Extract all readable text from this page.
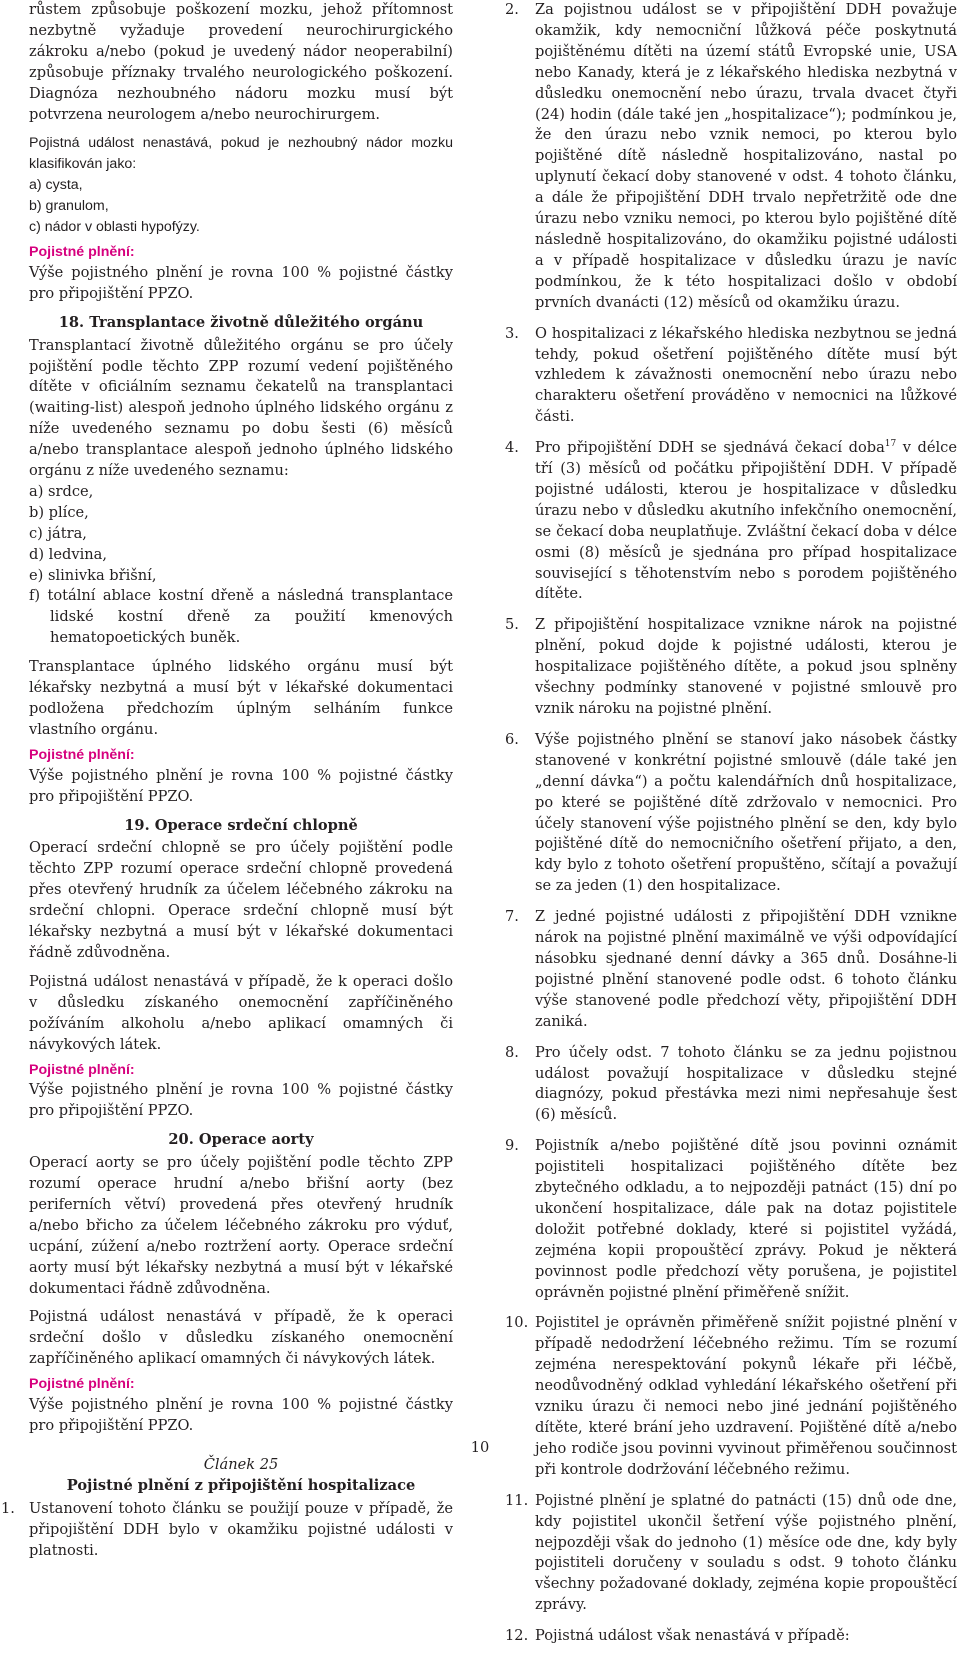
růstem způsobuje poškození mozku, jehož přítomnost nezbytně vyžaduje provedení neurochirurgického zákroku a/nebo (pokud je uvedený nádor neoperabilní) způsobuje příznaky trvalého neurologického poškození. Diagnóza nezhoubného nádoru mozku musí být potvrzena neurologem a/nebo neurochirurgem.

Pojistná událost nenastává, pokud je nezhoubný nádor mozku klasifikován jako:

a) cysta,
b) granulom,
c) nádor v oblasti hypofýzy.
Pojistné plnění:

Výše pojistného plnění je rovna 100 % pojistné částky pro připojištění PPZO.

18. Transplantace životně důležitého orgánu

Transplantací životně důležitého orgánu se pro účely pojištění podle těchto ZPP rozumí vedení pojištěného dítěte v oficiálním seznamu čekatelů na transplantaci (waiting-list) alespoň jednoho úplného lidského orgánu z níže uvedeného seznamu po dobu šesti (6) měsíců a/nebo transplantace alespoň jednoho úplného lidského orgánu z níže uvedeného seznamu:

a) srdce,
b) plíce,
c) játra,
d) ledvina,
e) slinivka břišní,
f) totální ablace kostní dřeně a následná transplantace lidské kostní dřeně za použití kmenových hematopoetických buněk.

Transplantace úplného lidského orgánu musí být lékařsky nezbytná a musí být v lékařské dokumentaci podložena předchozím úplným selháním funkce vlastního orgánu.

Pojistné plnění:

Výše pojistného plnění je rovna 100 % pojistné částky pro připojištění PPZO.

19. Operace srdeční chlopně

Operací srdeční chlopně se pro účely pojištění podle těchto ZPP rozumí operace srdeční chlopně provedená přes otevřený hrudník za účelem léčebného zákroku na srdeční chlopni. Operace srdeční chlopně musí být lékařsky nezbytná a musí být v lékařské dokumentaci řádně zdůvodněna.

Pojistná událost nenastává v případě, že k operaci došlo v důsledku získaného onemocnění zapříčiněného požíváním alkoholu a/nebo aplikací omamných či návykových látek.

Pojistné plnění:

Výše pojistného plnění je rovna 100 % pojistné částky pro připojištění PPZO.

20. Operace aorty

Operací aorty se pro účely pojištění podle těchto ZPP rozumí operace hrudní a/nebo břišní aorty (bez periferních větví) provedená přes otevřený hrudník a/nebo břicho za účelem léčebného zákroku pro výduť, ucpání, zúžení a/nebo roztržení aorty. Operace srdeční aorty musí být lékařsky nezbytná a musí být v lékařské dokumentaci řádně zdůvodněna.

Pojistná událost nenastává v případě, že k operaci srdeční došlo v důsledku získaného onemocnění zapříčiněného aplikací omamných či návykových látek.

Pojistné plnění:

Výše pojistného plnění je rovna 100 % pojistné částky pro připojištění PPZO.

Článek 25
Pojistné plnění z připojištění hospitalizace
1. Ustanovení tohoto článku se použijí pouze v případě, že připojištění DDH bylo v okamžiku pojistné události v platnosti.

2. Za pojistnou událost se v připojištění DDH považuje okamžik, kdy nemocniční lůžková péče poskytnutá pojištěnému dítěti na území států Evropské unie, USA nebo Kanady, která je z lékařského hlediska nezbytná v důsledku onemocnění nebo úrazu, trvala dvacet čtyři (24) hodin (dále také jen „hospitalizace“); podmínkou je, že den úrazu nebo vznik nemoci, po kterou bylo pojištěné dítě následně hospitalizováno, nastal po uplynutí čekací doby stanovené v odst. 4 tohoto článku, a dále že připojištění DDH trvalo nepřetržitě ode dne úrazu nebo vzniku nemoci, po kterou bylo pojištěné dítě následně hospitalizováno, do okamžiku pojistné události a v případě hospitalizace v důsledku úrazu je navíc podmínkou, že k této hospitalizaci došlo v období prvních dvanácti (12) měsíců od okamžiku úrazu.
3. O hospitalizaci z lékařského hlediska nezbytnou se jedná tehdy, pokud ošetření pojištěného dítěte musí být vzhledem k závažnosti onemocnění nebo úrazu nebo charakteru ošetření prováděno v nemocnici na lůžkové části.
4. Pro připojištění DDH se sjednává čekací doba$^{17}$ v délce tří (3) měsíců od počátku připojištění DDH. V případě pojistné události, kterou je hospitalizace v důsledku úrazu nebo v důsledku akutního infekčního onemocnění, se čekací doba neuplatňuje. Zvláštní čekací doba v délce osmi (8) měsíců je sjednána pro případ hospitalizace související s těhotenstvím nebo s porodem pojištěného dítěte.
5. Z připojištění hospitalizace vznikne nárok na pojistné plnění, pokud dojde k pojistné události, kterou je hospitalizace pojištěného dítěte, a pokud jsou splněny všechny podmínky stanovené v pojistné smlouvě pro vznik nároku na pojistné plnění.
6. Výše pojistného plnění se stanoví jako násobek částky stanovené v konkrétní pojistné smlouvě (dále také jen „denní dávka“) a počtu kalendářních dnů hospitalizace, po které se pojištěné dítě zdržovalo v nemocnici. Pro účely stanovení výše pojistného plnění se den, kdy bylo pojištěné dítě do nemocničního ošetření přijato, a den, kdy bylo z tohoto ošetření propuštěno, sčítají a považují se za jeden (1) den hospitalizace.
7. Z jedné pojistné události z připojištění DDH vznikne nárok na pojistné plnění maximálně ve výši odpovídající násobku sjednané denní dávky a 365 dnů. Dosáhne-li pojistné plnění stanovené podle odst. 6 tohoto článku výše stanovené podle předchozí věty, připojištění DDH zaniká.
8. Pro účely odst. 7 tohoto článku se za jednu pojistnou událost považují hospitalizace v důsledku stejné diagnózy, pokud přestávka mezi nimi nepřesahuje šest (6) měsíců.
9. Pojistník a/nebo pojištěné dítě jsou povinni oznámit pojistiteli hospitalizaci pojištěného dítěte bez zbytečného odkladu, a to nejpozději patnáct (15) dní po ukončení hospitalizace, dále pak na dotaz pojistitele doložit potřebné doklady, které si pojistitel vyžádá, zejména kopii propouštěcí zprávy. Pokud je některá povinnost podle předchozí věty porušena, je pojistitel oprávněn pojistné plnění přiměřeně snížit.
10. Pojistitel je oprávněn přiměřeně snížit pojistné plnění v případě nedodržení léčebného režimu. Tím se rozumí zejména nerespektování pokynů lékaře při léčbě, neodůvodněný odklad vyhledání lékařského ošetření při vzniku úrazu či nemoci nebo jiné jednání pojištěného dítěte, které brání jeho uzdravení. Pojištěné dítě a/nebo jeho rodiče jsou povinni vyvinout přiměřenou součinnost při kontrole dodržování léčebného režimu.
11. Pojistné plnění je splatné do patnácti (15) dnů ode dne, kdy pojistitel ukončil šetření výše pojistného plnění, nejpozději však do jednoho (1) měsíce ode dne, kdy byly pojistiteli doručeny v souladu s odst. 9 tohoto článku všechny požadované doklady, zejména kopie propouštěcí zprávy.
12. Pojistná událost však nenastává v případě:
10
